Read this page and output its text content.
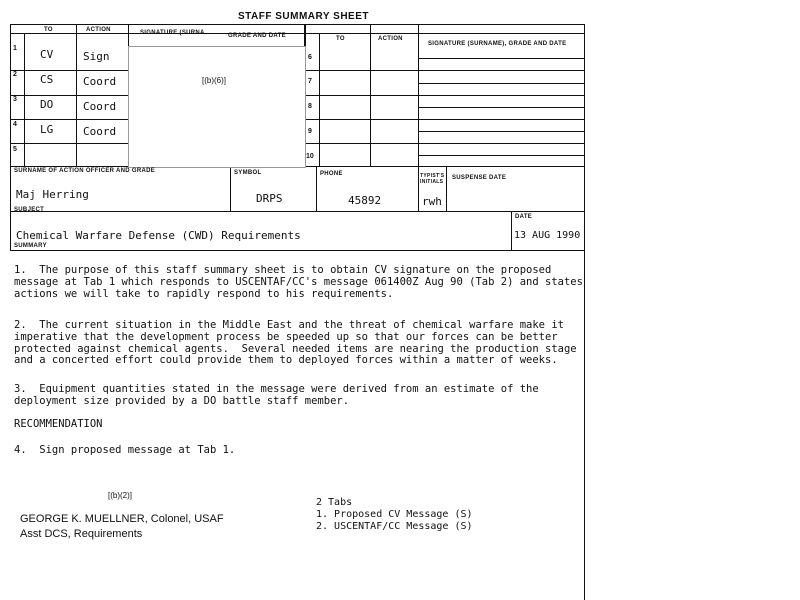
STAFF SUMMARY SHEET
TO	ACTION	SIGNATURE (SURNA	GRADE AND DATE	TO	ACTION
SIGNATURE (SURNAME), GRADE AND DATE
1 CV	Sign
2 CS	Coord
3 DO	Coord
4 LG	Coord
5
6
7
8
9
10
[(b)(6)]
SURNAME OF ACTION OFFICER AND GRADE
Maj Herring
SYMBOL
DRPS
PHONE
45892
TYPIST'S INITIALS
rwh
SUSPENSE DATE
SUBJECT
Chemical Warfare Defense (CWD) Requirements
DATE
13 AUG 1990
SUMMARY
1.  The purpose of this staff summary sheet is to obtain CV signature on the proposed
message at Tab 1 which responds to USCENTAF/CC's message 061400Z Aug 90 (Tab 2) and states
actions we will take to rapidly respond to his requirements.
2.  The current situation in the Middle East and the threat of chemical warfare make it
imperative that the development process be speeded up so that our forces can be better
protected against chemical agents.  Several needed items are nearing the production stage
and a concerted effort could provide them to deployed forces within a matter of weeks.
3.  Equipment quantities stated in the message were derived from an estimate of the
deployment size provided by a DO battle staff member.
RECOMMENDATION
4.  Sign proposed message at Tab 1.
[(b)(2)]
GEORGE K. MUELLNER, Colonel, USAF
Asst DCS, Requirements
2 Tabs
1. Proposed CV Message (S)
2. USCENTAF/CC Message (S)
